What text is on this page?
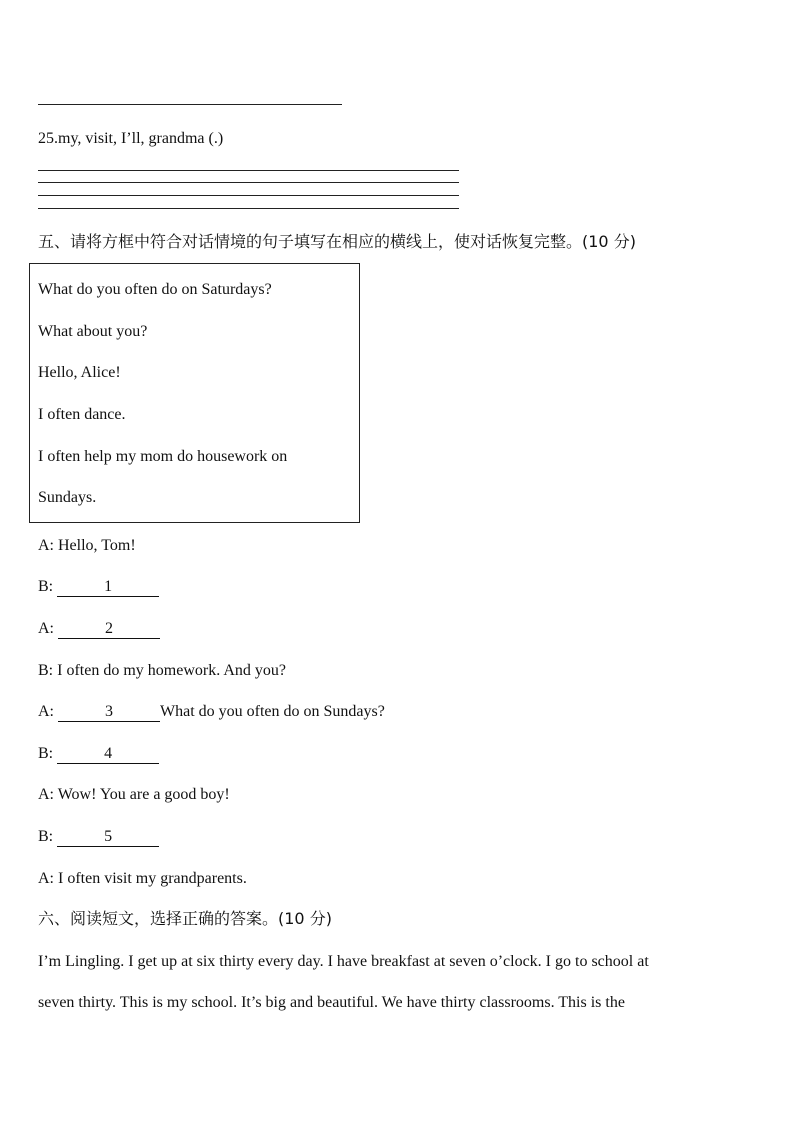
25.my, visit, I’ll, grandma (.)
五、请将方框中符合对话情境的句子填写在相应的横线上，使对话恢复完整。(10 分)
What do you often do on Saturdays?
What about you?
Hello, Alice!
I often dance.
I often help my mom do housework on
Sundays.
A: Hello, Tom!
B:	1
A:	2
B: I often do my homework. And you?
A:	3	What do you often do on Sundays?
B:	4
A: Wow! You are a good boy!
B:	5
A: I often visit my grandparents.
六、阅读短文，选择正确的答案。(10 分)
I’m Lingling. I get up at six thirty every day. I have breakfast at seven o’clock. I go to school at
seven thirty. This is my school. It’s big and beautiful. We have thirty classrooms. This is the
